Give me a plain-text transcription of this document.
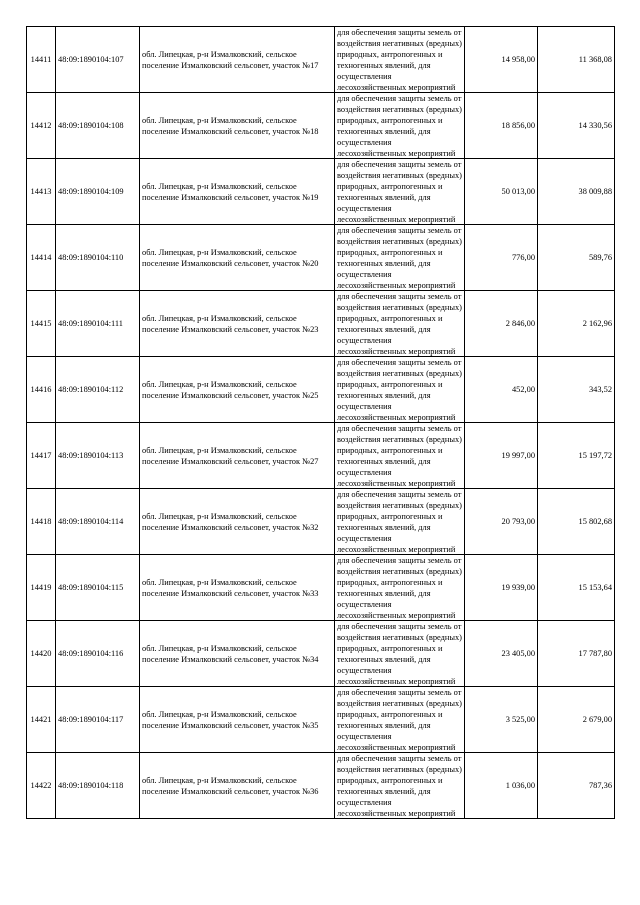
14411	48:09:1890104:107	обл. Липецкая, р-н Измалковский, сельское поселение Измалковский сельсовет, участок №17	для обеспечения защиты земель от воздействия негативных (вредных) природных, антропогенных и техногенных явлений, для осуществления лесохозяйственных мероприятий	14 958,00	11 368,08
14412	48:09:1890104:108	обл. Липецкая, р-н Измалковский, сельское поселение Измалковский сельсовет, участок №18	для обеспечения защиты земель от воздействия негативных (вредных) природных, антропогенных и техногенных явлений, для осуществления лесохозяйственных мероприятий	18 856,00	14 330,56
14413	48:09:1890104:109	обл. Липецкая, р-н Измалковский, сельское поселение Измалковский сельсовет, участок №19	для обеспечения защиты земель от воздействия негативных (вредных) природных, антропогенных и техногенных явлений, для осуществления лесохозяйственных мероприятий	50 013,00	38 009,88
14414	48:09:1890104:110	обл. Липецкая, р-н Измалковский, сельское поселение Измалковский сельсовет, участок №20	для обеспечения защиты земель от воздействия негативных (вредных) природных, антропогенных и техногенных явлений, для осуществления лесохозяйственных мероприятий	776,00	589,76
14415	48:09:1890104:111	обл. Липецкая, р-н Измалковский, сельское поселение Измалковский сельсовет, участок №23	для обеспечения защиты земель от воздействия негативных (вредных) природных, антропогенных и техногенных явлений, для осуществления лесохозяйственных мероприятий	2 846,00	2 162,96
14416	48:09:1890104:112	обл. Липецкая, р-н Измалковский, сельское поселение Измалковский сельсовет, участок №25	для обеспечения защиты земель от воздействия негативных (вредных) природных, антропогенных и техногенных явлений, для осуществления лесохозяйственных мероприятий	452,00	343,52
14417	48:09:1890104:113	обл. Липецкая, р-н Измалковский, сельское поселение Измалковский сельсовет, участок №27	для обеспечения защиты земель от воздействия негативных (вредных) природных, антропогенных и техногенных явлений, для осуществления лесохозяйственных мероприятий	19 997,00	15 197,72
14418	48:09:1890104:114	обл. Липецкая, р-н Измалковский, сельское поселение Измалковский сельсовет, участок №32	для обеспечения защиты земель от воздействия негативных (вредных) природных, антропогенных и техногенных явлений, для осуществления лесохозяйственных мероприятий	20 793,00	15 802,68
14419	48:09:1890104:115	обл. Липецкая, р-н Измалковский, сельское поселение Измалковский сельсовет, участок №33	для обеспечения защиты земель от воздействия негативных (вредных) природных, антропогенных и техногенных явлений, для осуществления лесохозяйственных мероприятий	19 939,00	15 153,64
14420	48:09:1890104:116	обл. Липецкая, р-н Измалковский, сельское поселение Измалковский сельсовет, участок №34	для обеспечения защиты земель от воздействия негативных (вредных) природных, антропогенных и техногенных явлений, для осуществления лесохозяйственных мероприятий	23 405,00	17 787,80
14421	48:09:1890104:117	обл. Липецкая, р-н Измалковский, сельское поселение Измалковский сельсовет, участок №35	для обеспечения защиты земель от воздействия негативных (вредных) природных, антропогенных и техногенных явлений, для осуществления лесохозяйственных мероприятий	3 525,00	2 679,00
14422	48:09:1890104:118	обл. Липецкая, р-н Измалковский, сельское поселение Измалковский сельсовет, участок №36	для обеспечения защиты земель от воздействия негативных (вредных) природных, антропогенных и техногенных явлений, для осуществления лесохозяйственных мероприятий	1 036,00	787,36
